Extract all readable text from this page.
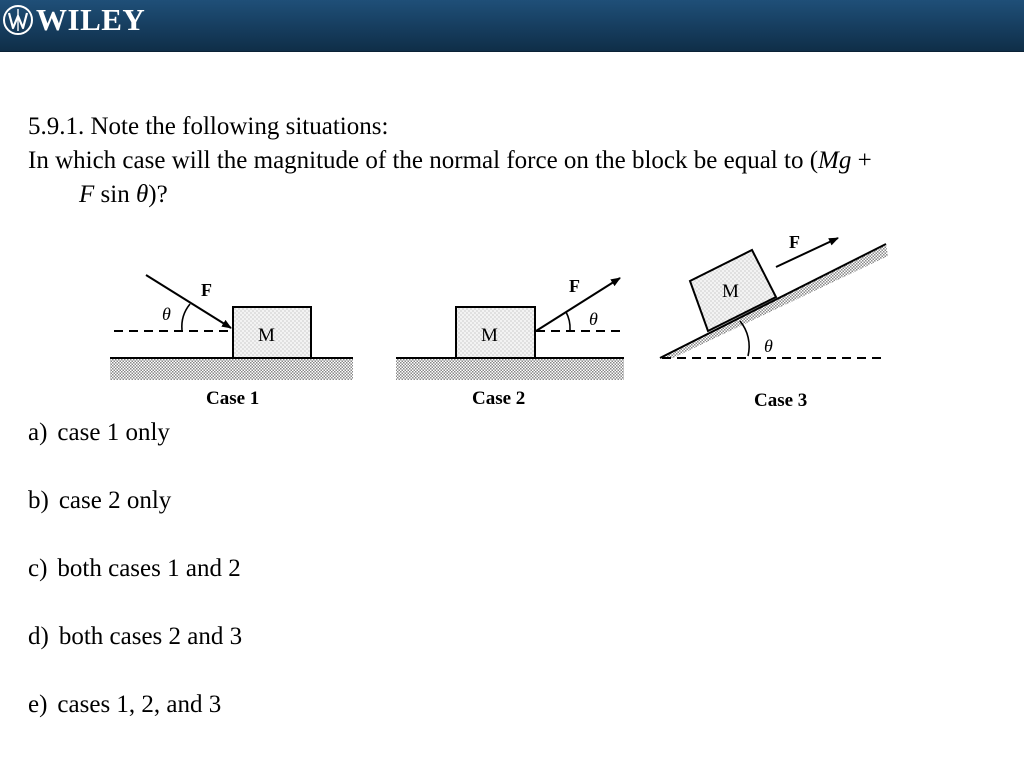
WILEY
5.9.1. Note the following situations:
In which case will the magnitude of the normal force on the block be equal to (Mg +
F sin θ)?
M
F
θ
Case 1
M
F
θ
Case 2
M
F
θ
Case 3
a) case 1 only
b) case 2 only
c) both cases 1 and 2
d) both cases 2 and 3
e) cases 1, 2, and 3
